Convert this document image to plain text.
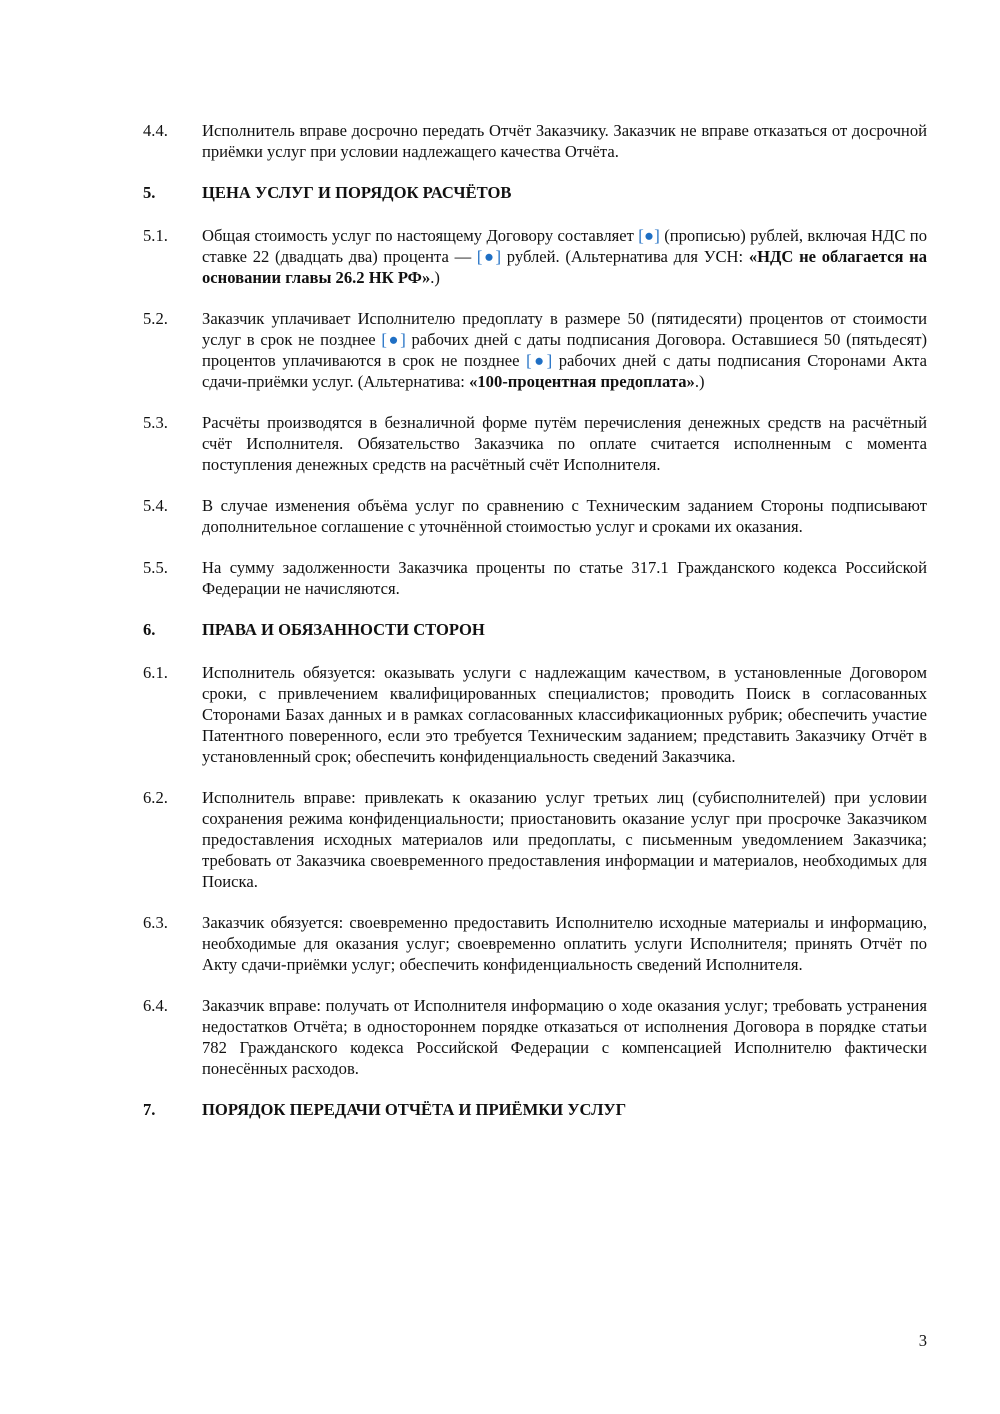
4.4.	Исполнитель вправе досрочно передать Отчёт Заказчику. Заказчик не вправе отказаться от досрочной приёмки услуг при условии надлежащего качества Отчёта.
5.	ЦЕНА УСЛУГ И ПОРЯДОК РАСЧЁТОВ
5.1.	Общая стоимость услуг по настоящему Договору составляет [●] (прописью) рублей, включая НДС по ставке 22 (двадцать два) процента — [●] рублей. (Альтернатива для УСН: «НДС не облагается на основании главы 26.2 НК РФ».)
5.2.	Заказчик уплачивает Исполнителю предоплату в размере 50 (пятидесяти) процентов от стоимости услуг в срок не позднее [●] рабочих дней с даты подписания Договора. Оставшиеся 50 (пятьдесят) процентов уплачиваются в срок не позднее [●] рабочих дней с даты подписания Сторонами Акта сдачи-приёмки услуг. (Альтернатива: «100-процентная предоплата».)
5.3.	Расчёты производятся в безналичной форме путём перечисления денежных средств на расчётный счёт Исполнителя. Обязательство Заказчика по оплате считается исполненным с момента поступления денежных средств на расчётный счёт Исполнителя.
5.4.	В случае изменения объёма услуг по сравнению с Техническим заданием Стороны подписывают дополнительное соглашение с уточнённой стоимостью услуг и сроками их оказания.
5.5.	На сумму задолженности Заказчика проценты по статье 317.1 Гражданского кодекса Российской Федерации не начисляются.
6.	ПРАВА И ОБЯЗАННОСТИ СТОРОН
6.1.	Исполнитель обязуется: оказывать услуги с надлежащим качеством, в установленные Договором сроки, с привлечением квалифицированных специалистов; проводить Поиск в согласованных Сторонами Базах данных и в рамках согласованных классификационных рубрик; обеспечить участие Патентного поверенного, если это требуется Техническим заданием; представить Заказчику Отчёт в установленный срок; обеспечить конфиденциальность сведений Заказчика.
6.2.	Исполнитель вправе: привлекать к оказанию услуг третьих лиц (субисполнителей) при условии сохранения режима конфиденциальности; приостановить оказание услуг при просрочке Заказчиком предоставления исходных материалов или предоплаты, с письменным уведомлением Заказчика; требовать от Заказчика своевременного предоставления информации и материалов, необходимых для Поиска.
6.3.	Заказчик обязуется: своевременно предоставить Исполнителю исходные материалы и информацию, необходимые для оказания услуг; своевременно оплатить услуги Исполнителя; принять Отчёт по Акту сдачи-приёмки услуг; обеспечить конфиденциальность сведений Исполнителя.
6.4.	Заказчик вправе: получать от Исполнителя информацию о ходе оказания услуг; требовать устранения недостатков Отчёта; в одностороннем порядке отказаться от исполнения Договора в порядке статьи 782 Гражданского кодекса Российской Федерации с компенсацией Исполнителю фактически понесённых расходов.
7.	ПОРЯДОК ПЕРЕДАЧИ ОТЧЁТА И ПРИЁМКИ УСЛУГ
3
